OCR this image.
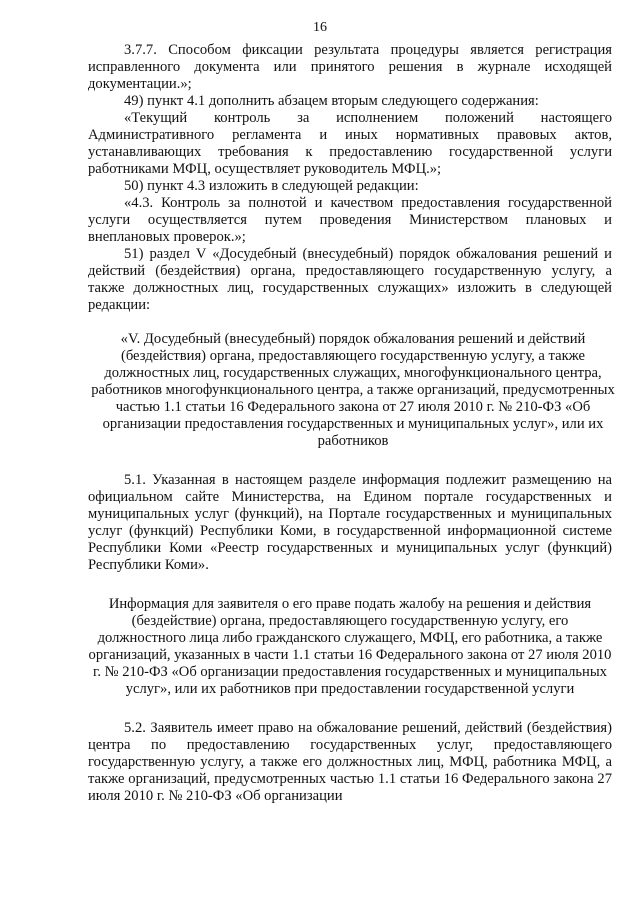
16

3.7.7. Способом фиксации результата процедуры является регистрация исправленного документа или принятого решения в журнале исходящей документации.»;

49) пункт 4.1 дополнить абзацем вторым следующего содержания:

«Текущий контроль за исполнением положений настоящего Административного регламента и иных нормативных правовых актов, устанавливающих требования к предоставлению государственной услуги работниками МФЦ, осуществляет руководитель МФЦ.»;

50) пункт 4.3 изложить в следующей редакции:

«4.3. Контроль за полнотой и качеством предоставления государственной услуги осуществляется путем проведения Министерством плановых и внеплановых проверок.»;

51) раздел V «Досудебный (внесудебный) порядок обжалования решений и действий (бездействия) органа, предоставляющего государственную услугу, а также должностных лиц, государственных служащих» изложить в следующей редакции:

«V. Досудебный (внесудебный) порядок обжалования решений и действий (бездействия) органа, предоставляющего государственную услугу, а также должностных лиц, государственных служащих, многофункционального центра, работников многофункционального центра, а также организаций, предусмотренных частью 1.1 статьи 16 Федерального закона от 27 июля 2010 г. № 210-ФЗ «Об организации предоставления государственных и муниципальных услуг», или их работников

5.1. Указанная в настоящем разделе информация подлежит размещению на официальном сайте Министерства, на Едином портале государственных и муниципальных услуг (функций), на Портале государственных и муниципальных услуг (функций) Республики Коми, в государственной информационной системе Республики Коми «Реестр государственных и муниципальных услуг (функций) Республики Коми».

Информация для заявителя о его праве подать жалобу на решения и действия (бездействие) органа, предоставляющего государственную услугу, его должностного лица либо гражданского служащего, МФЦ, его работника, а также организаций, указанных в части 1.1 статьи 16 Федерального закона от 27 июля 2010 г. № 210-ФЗ «Об организации предоставления государственных и муниципальных услуг», или их работников при предоставлении государственной услуги

5.2. Заявитель имеет право на обжалование решений, действий (бездействия) центра по предоставлению государственных услуг, предоставляющего государственную услугу, а также его должностных лиц, МФЦ, работника МФЦ, а также организаций, предусмотренных частью 1.1 статьи 16 Федерального закона 27 июля 2010 г. № 210-ФЗ «Об организации
